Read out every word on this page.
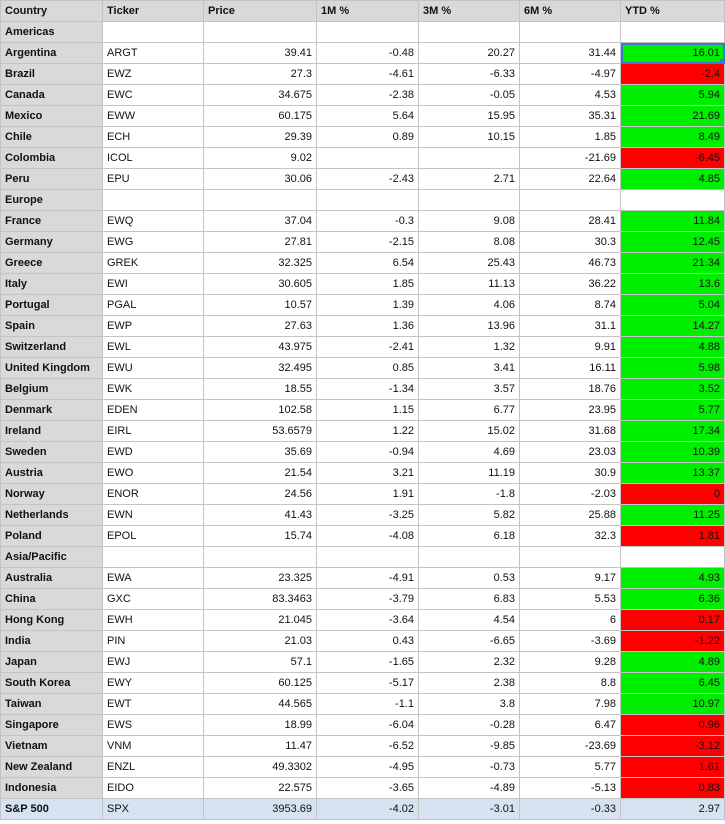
Country	Ticker	Price	1M %	3M %	6M %	YTD %
Americas						
Argentina	ARGT	39.41	-0.48	20.27	31.44	16.01

Brazil	EWZ	27.3	-4.61	-6.33	-4.97	-2.4
Canada	EWC	34.675	-2.38	-0.05	4.53	5.94
Mexico	EWW	60.175	5.64	15.95	35.31	21.69
Chile	ECH	29.39	0.89	10.15	1.85	8.49
Colombia	ICOL	9.02			-21.69	-6.45
Peru	EPU	30.06	-2.43	2.71	22.64	4.85
Europe						
France	EWQ	37.04	-0.3	9.08	28.41	11.84
Germany	EWG	27.81	-2.15	8.08	30.3	12.45
Greece	GREK	32.325	6.54	25.43	46.73	21.34
Italy	EWI	30.605	1.85	11.13	36.22	13.6
Portugal	PGAL	10.57	1.39	4.06	8.74	5.04
Spain	EWP	27.63	1.36	13.96	31.1	14.27
Switzerland	EWL	43.975	-2.41	1.32	9.91	4.88
United Kingdom	EWU	32.495	0.85	3.41	16.11	5.98
Belgium	EWK	18.55	-1.34	3.57	18.76	3.52
Denmark	EDEN	102.58	1.15	6.77	23.95	5.77
Ireland	EIRL	53.6579	1.22	15.02	31.68	17.34
Sweden	EWD	35.69	-0.94	4.69	23.03	10.39
Austria	EWO	21.54	3.21	11.19	30.9	13.37
Norway	ENOR	24.56	1.91	-1.8	-2.03	0
Netherlands	EWN	41.43	-3.25	5.82	25.88	11.25
Poland	EPOL	15.74	-4.08	6.18	32.3	1.81
Asia/Pacific						
Australia	EWA	23.325	-4.91	0.53	9.17	4.93
China	GXC	83.3463	-3.79	6.83	5.53	6.36
Hong Kong	EWH	21.045	-3.64	4.54	6	0.17
India	PIN	21.03	0.43	-6.65	-3.69	-1.22
Japan	EWJ	57.1	-1.65	2.32	9.28	4.89
South Korea	EWY	60.125	-5.17	2.38	8.8	6.45
Taiwan	EWT	44.565	-1.1	3.8	7.98	10.97
Singapore	EWS	18.99	-6.04	-0.28	6.47	0.96
Vietnam	VNM	11.47	-6.52	-9.85	-23.69	-3.12
New Zealand	ENZL	49.3302	-4.95	-0.73	5.77	1.61
Indonesia	EIDO	22.575	-3.65	-4.89	-5.13	0.83
S&P 500	SPX	3953.69	-4.02	-3.01	-0.33	2.97
